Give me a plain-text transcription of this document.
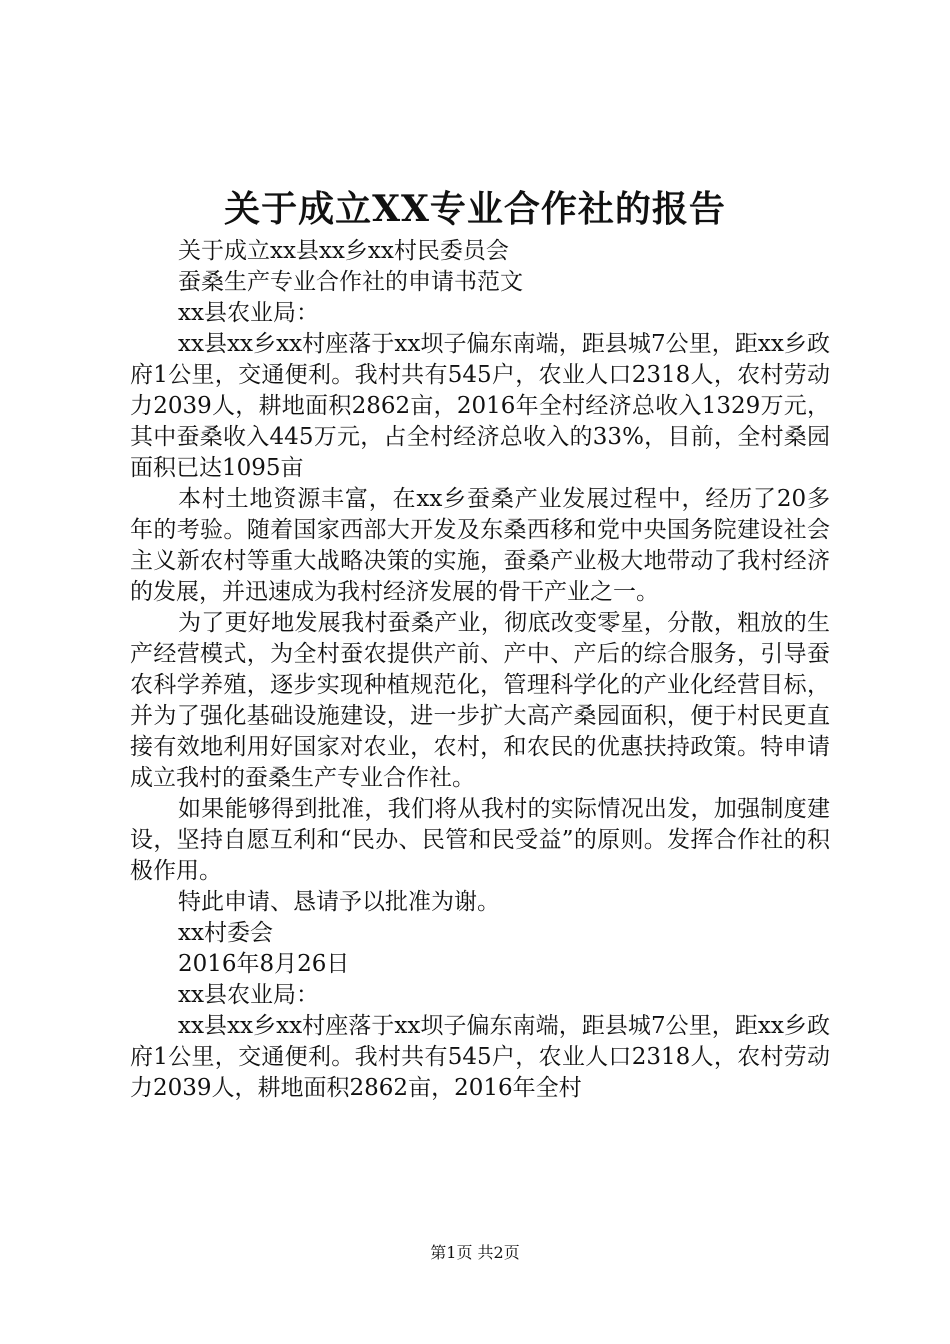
关于成立XX专业合作社的报告

关于成立xx县xx乡xx村民委员会

蚕桑生产专业合作社的申请书范文

xx县农业局：

xx县xx乡xx村座落于xx坝子偏东南端，距县城7公里，距xx乡政府1公里，交通便利。我村共有545户，农业人口2318人，农村劳动力2039人，耕地面积2862亩，2016年全村经济总收入1329万元，其中蚕桑收入445万元，占全村经济总收入的33%，目前，全村桑园面积已达1095亩

本村土地资源丰富，在xx乡蚕桑产业发展过程中，经历了20多年的考验。随着国家西部大开发及东桑西移和党中央国务院建设社会主义新农村等重大战略决策的实施，蚕桑产业极大地带动了我村经济的发展，并迅速成为我村经济发展的骨干产业之一。

为了更好地发展我村蚕桑产业，彻底改变零星，分散，粗放的生产经营模式，为全村蚕农提供产前、产中、产后的综合服务，引导蚕农科学养殖，逐步实现种植规范化，管理科学化的产业化经营目标，并为了强化基础设施建设，进一步扩大高产桑园面积，便于村民更直接有效地利用好国家对农业，农村，和农民的优惠扶持政策。特申请成立我村的蚕桑生产专业合作社。

如果能够得到批准，我们将从我村的实际情况出发，加强制度建设，坚持自愿互利和“民办、民管和民受益”的原则。发挥合作社的积极作用。

特此申请、恳请予以批准为谢。

xx村委会

2016年8月26日

xx县农业局：

xx县xx乡xx村座落于xx坝子偏东南端，距县城7公里，距xx乡政府1公里，交通便利。我村共有545户，农业人口2318人，农村劳动力2039人，耕地面积2862亩，2016年全村

第1页 共2页
